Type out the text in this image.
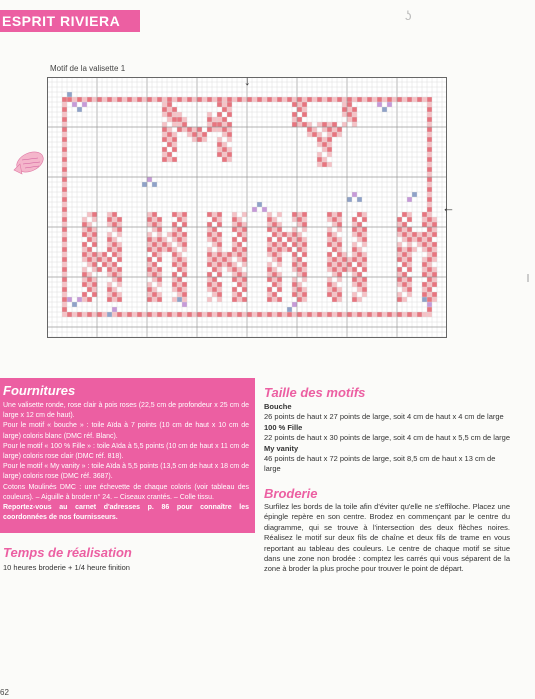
ESPRIT RIVIERA	ʖ
Motif de la valisette 1
↓
←
Fournitures

Une valisette ronde, rose clair à pois roses (22,5 cm de profondeur x 25 cm de large x 12 cm de haut).

Pour le motif « bouche » : toile Aïda à 7 points (10 cm de haut x 10 cm de large) coloris blanc (DMC réf. Blanc).

Pour le motif « 100 % Fille » : toile Aïda à 5,5 points (10 cm de haut x 11 cm de large) coloris rose clair (DMC réf. 818).

Pour le motif « My vanity » : toile Aïda à 5,5 points (13,5 cm de haut x 18 cm de large) coloris rose (DMC réf. 3687).

Cotons Moulinés DMC : une échevette de chaque coloris (voir tableau des couleurs). – Aiguille à broder n° 24. – Ciseaux crantés. – Colle tissu.

Reportez-vous au carnet d'adresses p. 86 pour connaître les coordonnées de nos fournisseurs.

Temps de réalisation
10 heures broderie + 1/4 heure finition
Taille des motifs
Bouche
26 points de haut x 27 points de large, soit 4 cm de haut x 4 cm de large
100 % Fille
22 points de haut x 30 points de large, soit 4 cm de haut x 5,5 cm de large
My vanity
46 points de haut x 72 points de large, soit 8,5 cm de haut x 13 cm de large
Broderie
Surfilez les bords de la toile afin d'éviter qu'elle ne s'effiloche. Placez une épingle repère en son centre. Brodez en commençant par le centre du diagramme, qui se trouve à l'intersection des deux flèches noires. Réalisez le motif sur deux fils de chaîne et deux fils de trame en vous reportant au tableau des couleurs. Le centre de chaque motif se situe dans une zone non brodée : comptez les carrés qui vous séparent de la zone à broder la plus proche pour trouver le point de départ.
62
